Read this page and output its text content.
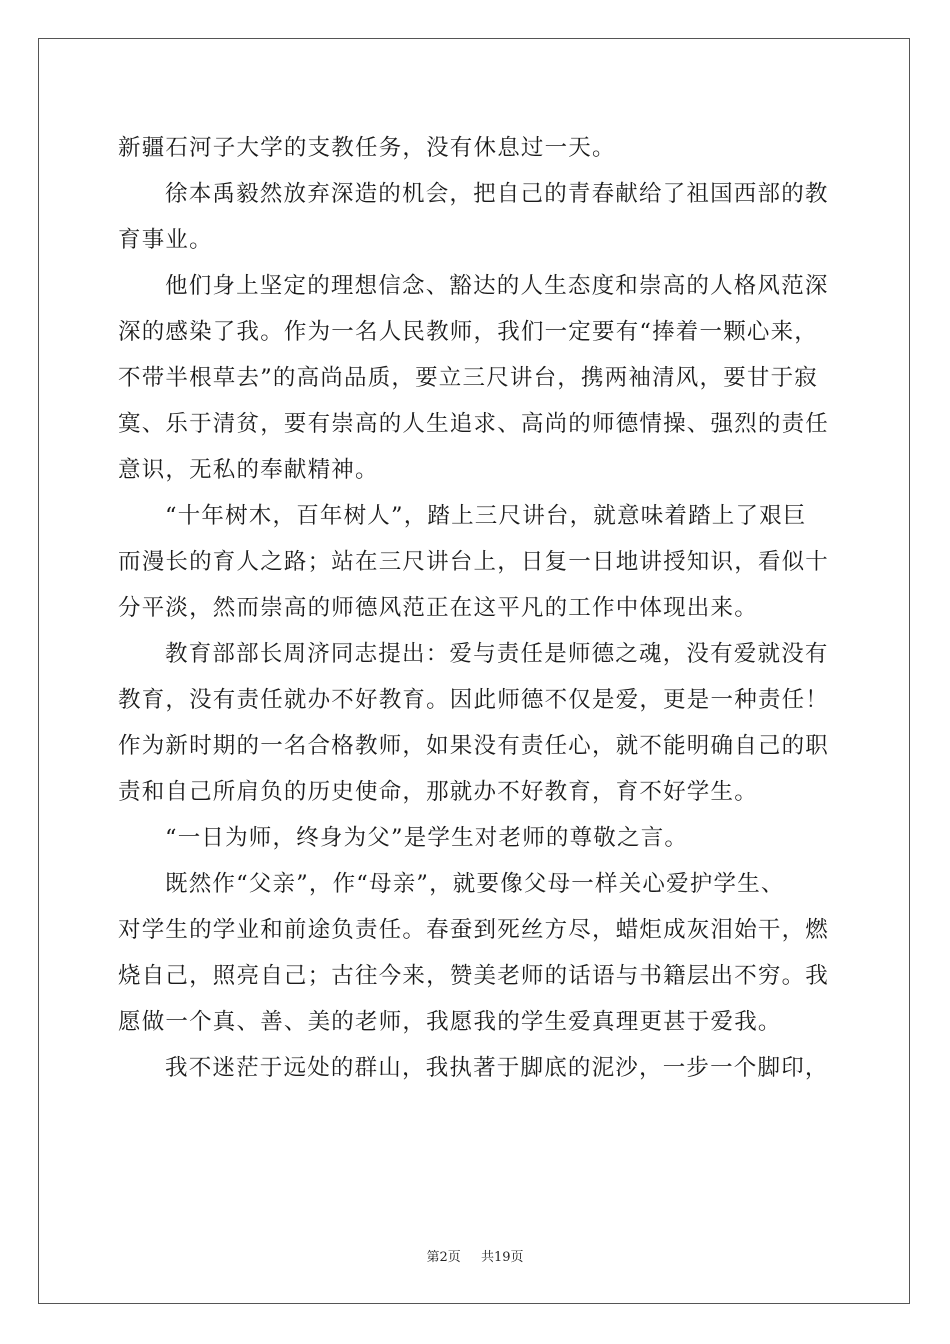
新疆石河子大学的支教任务，没有休息过一天。
徐本禹毅然放弃深造的机会，把自己的青春献给了祖国西部的教
育事业。
他们身上坚定的理想信念、豁达的人生态度和崇高的人格风范深
深的感染了我。作为一名人民教师，我们一定要有“捧着一颗心来，
不带半根草去”的高尚品质，要立三尺讲台，携两袖清风，要甘于寂
寞、乐于清贫，要有崇高的人生追求、高尚的师德情操、强烈的责任
意识，无私的奉献精神。
“十年树木，百年树人”，踏上三尺讲台，就意味着踏上了艰巨
而漫长的育人之路；站在三尺讲台上，日复一日地讲授知识，看似十
分平淡，然而崇高的师德风范正在这平凡的工作中体现出来。
教育部部长周济同志提出：爱与责任是师德之魂，没有爱就没有
教育，没有责任就办不好教育。因此师德不仅是爱，更是一种责任！
作为新时期的一名合格教师，如果没有责任心，就不能明确自己的职
责和自己所肩负的历史使命，那就办不好教育，育不好学生。
“一日为师，终身为父”是学生对老师的尊敬之言。
既然作“父亲”，作“母亲”，就要像父母一样关心爱护学生、
对学生的学业和前途负责任。春蚕到死丝方尽，蜡炬成灰泪始干，燃
烧自己，照亮自己；古往今来，赞美老师的话语与书籍层出不穷。我
愿做一个真、善、美的老师，我愿我的学生爱真理更甚于爱我。
我不迷茫于远处的群山，我执著于脚底的泥沙，一步一个脚印，
第2页 共19页
